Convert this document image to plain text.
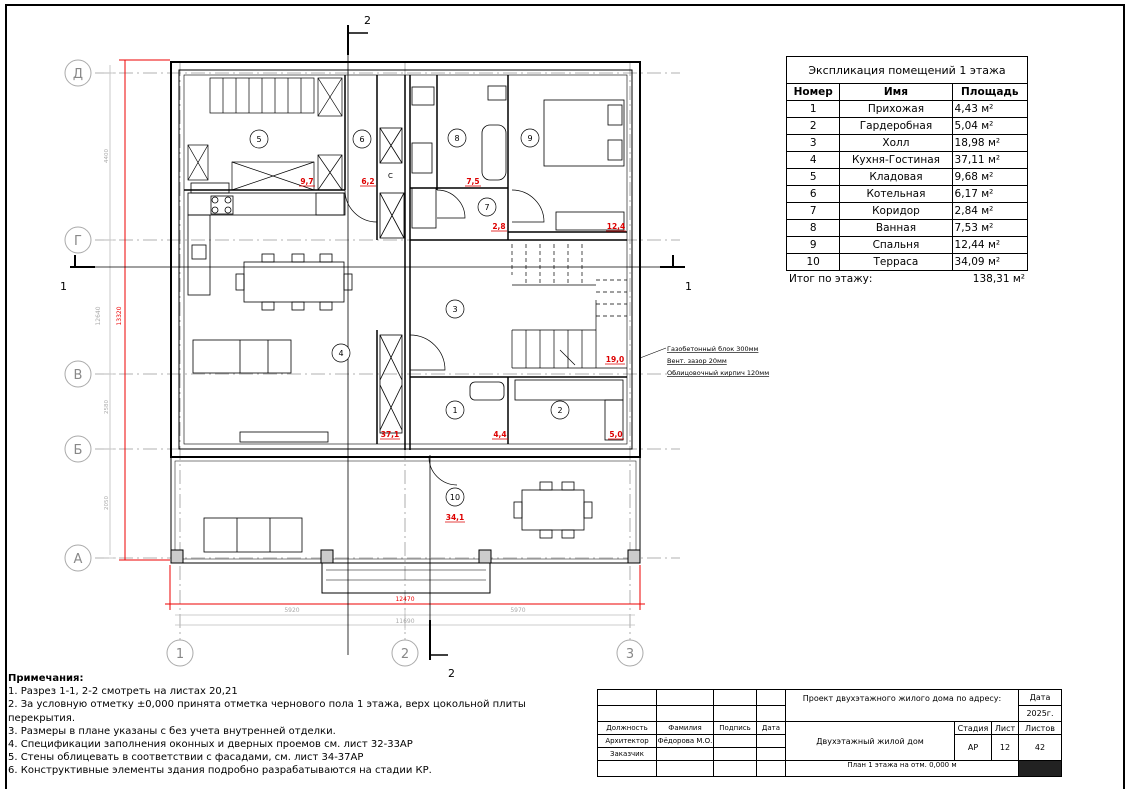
Д
Г
В
Б
А
1	2	3
13320
12640
4400
2580
2050
12470
11690
5920	5970
1	1
2
2
1	2
3
4
5	6
7
8	9
10
9,7	6,2	7,5
2,8	12,4
19,0
37,1	4,4	5,0
34,1
С
Газобетонный блок 300мм
Вент. зазор 20мм
Облицовочный кирпич 120мм
Экспликация помещений 1 этажа		
Номер	Имя	Площадь
1	Прихожая	4,43 м²
2	Гардеробная	5,04 м²
3	Холл	18,98 м²
4	Кухня-Гостиная	37,11 м²
5	Кладовая	9,68 м²
6	Котельная	6,17 м²
7	Коридор	2,84 м²
8	Ванная	7,53 м²
9	Спальня	12,44 м²
10	Терраса	34,09 м²
Итог по этажу:	138,31 м²
Примечания:
1. Разрез 1-1, 2-2 смотреть на листах 20,21
2. За условную отметку ±0,000 принята отметка чернового пола 1 этажа, верх цокольной плиты перекрытия.
3. Размеры в плане указаны с без учета внутренней отделки.
4. Спецификации заполнения оконных и дверных проемов см. лист 32-33АР
5. Стены облицевать в соответствии с фасадами, см. лист 34-37АР
6. Конструктивные элементы здания подробно разрабатываются на стадии КР.
				Проект двухэтажного жилого дома по адресу:			Дата
							2025г.
Должность	Фамилия	Подпись	Дата	Двухэтажный жилой дом	Стадия	Лист	Листов
Архитектор	Фёдорова М.О.				АР	12	42
Заказчик							
				План 1 этажа на отм. 0,000 м			
